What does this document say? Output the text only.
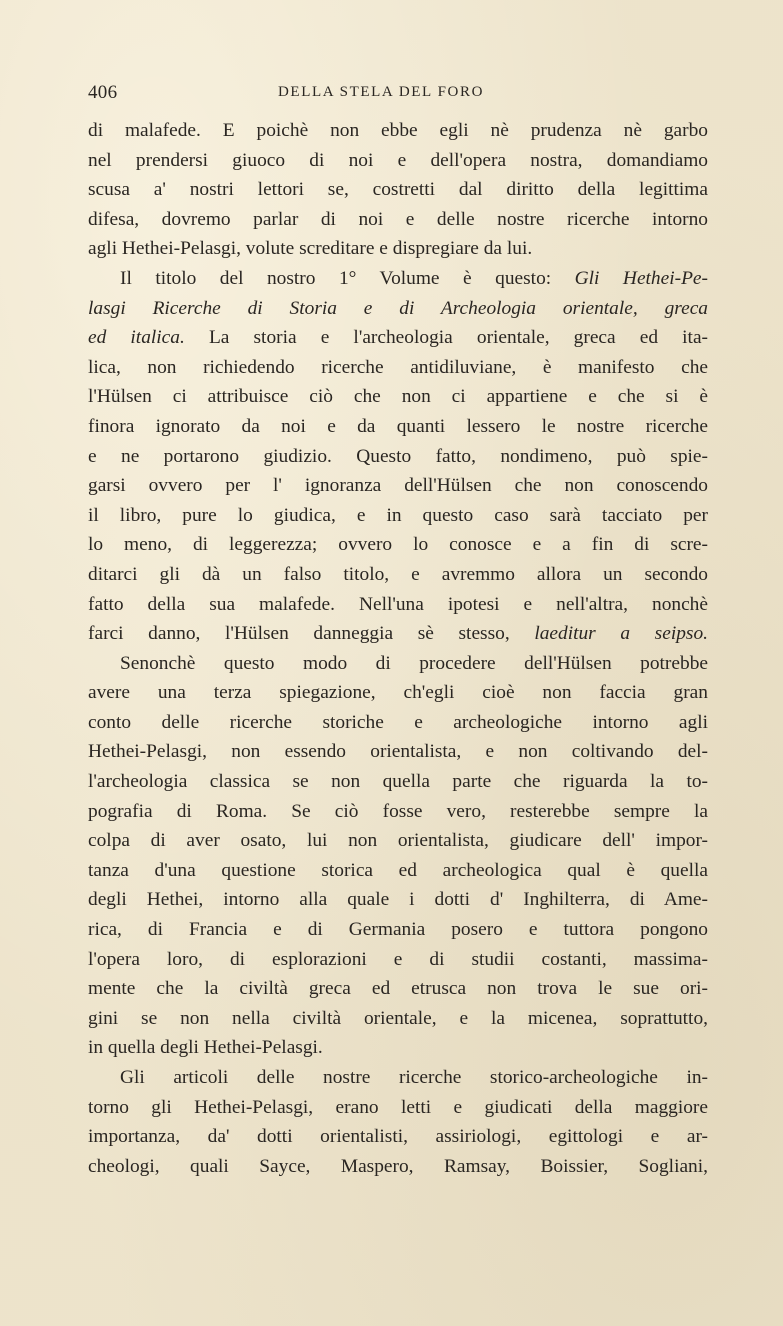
406	DELLA STELA DEL FORO
di malafede. E poichè non ebbe egli nè prudenza nè garbo
nel prendersi giuoco di noi e dell'opera nostra, domandiamo
scusa a' nostri lettori se, costretti dal diritto della legittima
difesa, dovremo parlar di noi e delle nostre ricerche intorno
agli Hethei-Pelasgi, volute screditare e dispregiare da lui.
Il titolo del nostro 1° Volume è questo: Gli Hethei-Pe-
lasgi Ricerche di Storia e di Archeologia orientale, greca
ed italica. La storia e l'archeologia orientale, greca ed ita-
lica, non richiedendo ricerche antidiluviane, è manifesto che
l'Hülsen ci attribuisce ciò che non ci appartiene e che si è
finora ignorato da noi e da quanti lessero le nostre ricerche
e ne portarono giudizio. Questo fatto, nondimeno, può spie-
garsi ovvero per l' ignoranza dell'Hülsen che non conoscendo
il libro, pure lo giudica, e in questo caso sarà tacciato per
lo meno, di leggerezza; ovvero lo conosce e a fin di scre-
ditarci gli dà un falso titolo, e avremmo allora un secondo
fatto della sua malafede. Nell'una ipotesi e nell'altra, nonchè
farci danno, l'Hülsen danneggia sè stesso, laeditur a seipso.
Senonchè questo modo di procedere dell'Hülsen potrebbe
avere una terza spiegazione, ch'egli cioè non faccia gran
conto delle ricerche storiche e archeologiche intorno agli
Hethei-Pelasgi, non essendo orientalista, e non coltivando del-
l'archeologia classica se non quella parte che riguarda la to-
pografia di Roma. Se ciò fosse vero, resterebbe sempre la
colpa di aver osato, lui non orientalista, giudicare dell' impor-
tanza d'una questione storica ed archeologica qual è quella
degli Hethei, intorno alla quale i dotti d' Inghilterra, di Ame-
rica, di Francia e di Germania posero e tuttora pongono
l'opera loro, di esplorazioni e di studii costanti, massima-
mente che la civiltà greca ed etrusca non trova le sue ori-
gini se non nella civiltà orientale, e la micenea, soprattutto,
in quella degli Hethei-Pelasgi.
Gli articoli delle nostre ricerche storico-archeologiche in-
torno gli Hethei-Pelasgi, erano letti e giudicati della maggiore
importanza, da' dotti orientalisti, assiriologi, egittologi e ar-
cheologi, quali Sayce, Maspero, Ramsay, Boissier, Sogliani,
